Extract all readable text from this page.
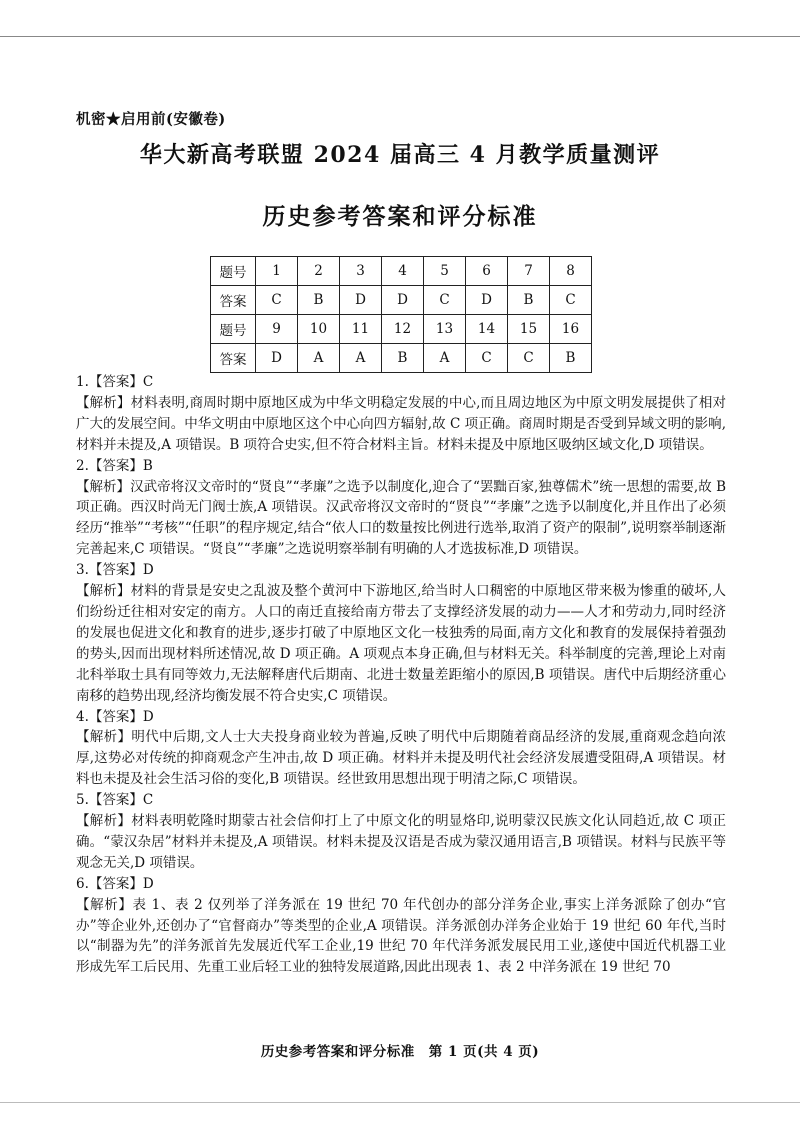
机密★启用前(安徽卷)
华大新高考联盟 2024 届高三 4 月教学质量测评
历史参考答案和评分标准
题号	1	2	3	4	5	6	7	8
答案	C	B	D	D	C	D	B	C
题号	9	10	11	12	13	14	15	16
答案	D	A	A	B	A	C	C	B

1.【答案】C

【解析】材料表明,商周时期中原地区成为中华文明稳定发展的中心,而且周边地区为中原文明发展提供了相对广大的发展空间。中华文明由中原地区这个中心向四方辐射,故 C 项正确。商周时期是否受到异域文明的影响,材料并未提及,A 项错误。B 项符合史实,但不符合材料主旨。材料未提及中原地区吸纳区域文化,D 项错误。

2.【答案】B

【解析】汉武帝将汉文帝时的“贤良”“孝廉”之选予以制度化,迎合了“罢黜百家,独尊儒术”统一思想的需要,故 B 项正确。西汉时尚无门阀士族,A 项错误。汉武帝将汉文帝时的“贤良”“孝廉”之选予以制度化,并且作出了必须经历“推举”“考核”“任职”的程序规定,结合“依人口的数量按比例进行选举,取消了资产的限制”,说明察举制逐渐完善起来,C 项错误。“贤良”“孝廉”之选说明察举制有明确的人才选拔标准,D 项错误。

3.【答案】D

【解析】材料的背景是安史之乱波及整个黄河中下游地区,给当时人口稠密的中原地区带来极为惨重的破坏,人们纷纷迁往相对安定的南方。人口的南迁直接给南方带去了支撑经济发展的动力——人才和劳动力,同时经济的发展也促进文化和教育的进步,逐步打破了中原地区文化一枝独秀的局面,南方文化和教育的发展保持着强劲的势头,因而出现材料所述情况,故 D 项正确。A 项观点本身正确,但与材料无关。科举制度的完善,理论上对南北科举取士具有同等效力,无法解释唐代后期南、北进士数量差距缩小的原因,B 项错误。唐代中后期经济重心南移的趋势出现,经济均衡发展不符合史实,C 项错误。

4.【答案】D

【解析】明代中后期,文人士大夫投身商业较为普遍,反映了明代中后期随着商品经济的发展,重商观念趋向浓厚,这势必对传统的抑商观念产生冲击,故 D 项正确。材料并未提及明代社会经济发展遭受阻碍,A 项错误。材料也未提及社会生活习俗的变化,B 项错误。经世致用思想出现于明清之际,C 项错误。

5.【答案】C

【解析】材料表明乾隆时期蒙古社会信仰打上了中原文化的明显烙印,说明蒙汉民族文化认同趋近,故 C 项正确。“蒙汉杂居”材料并未提及,A 项错误。材料未提及汉语是否成为蒙汉通用语言,B 项错误。材料与民族平等观念无关,D 项错误。

6.【答案】D

【解析】表 1、表 2 仅列举了洋务派在 19 世纪 70 年代创办的部分洋务企业,事实上洋务派除了创办“官办”等企业外,还创办了“官督商办”等类型的企业,A 项错误。洋务派创办洋务企业始于 19 世纪 60 年代,当时以“制器为先”的洋务派首先发展近代军工企业,19 世纪 70 年代洋务派发展民用工业,遂使中国近代机器工业形成先军工后民用、先重工业后轻工业的独特发展道路,因此出现表 1、表 2 中洋务派在 19 世纪 70

历史参考答案和评分标准　第 1 页(共 4 页)
